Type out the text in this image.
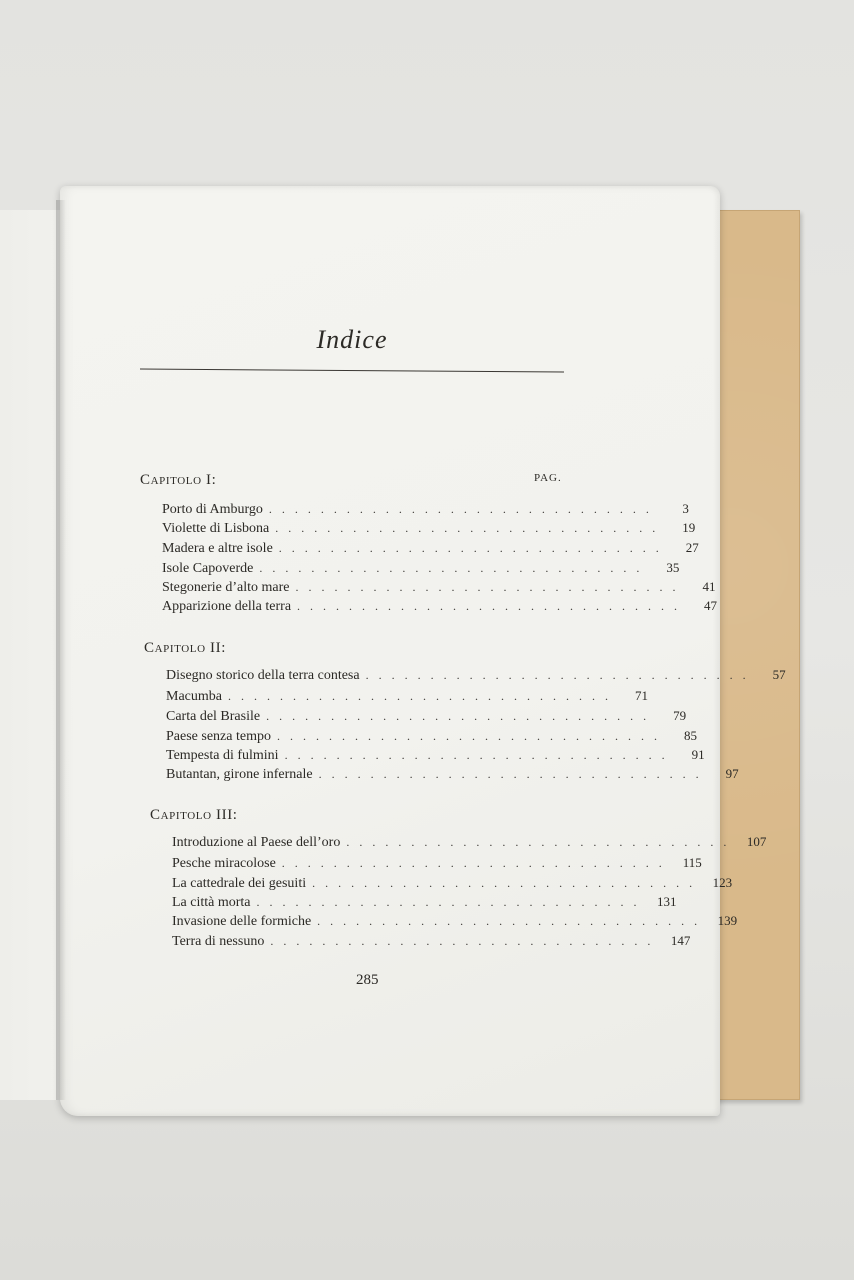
Indice
PAG.
Capitolo I:
Porto di Amburgo ..............................	3
Violette di Lisbona ..............................	19
Madera e altre isole ..............................	27
Isole Capoverde ..............................	35
Stegonerie d’alto mare ..............................	41
Apparizione della terra ..............................	47
Capitolo II:
Disegno storico della terra contesa ..............................	57
Macumba ..............................	71
Carta del Brasile ..............................	79
Paese senza tempo ..............................	85
Tempesta di fulmini ..............................	91
Butantan, girone infernale ..............................	97
Capitolo III:
Introduzione al Paese dell’oro .............................. 107
Pesche miracolose .............................. 115
La cattedrale dei gesuiti .............................. 123
La città morta .............................. 131
Invasione delle formiche .............................. 139
Terra di nessuno .............................. 147
285
